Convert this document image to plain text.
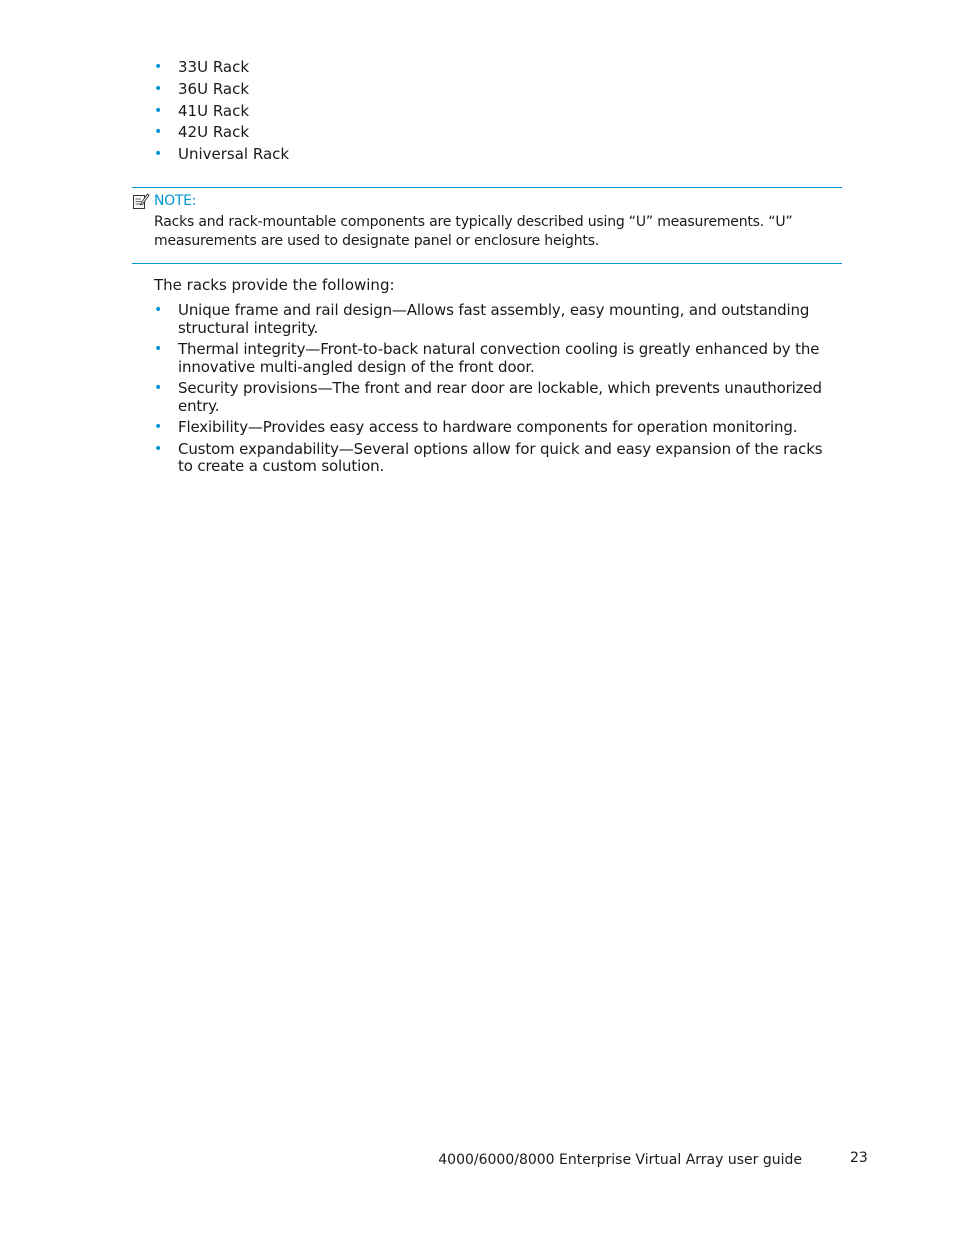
• 33U Rack
• 36U Rack
• 41U Rack
• 42U Rack
• Universal Rack
NOTE:
Racks and rack-mountable components are typically described using “U” measurements. “U” measurements are used to designate panel or enclosure heights.
The racks provide the following:
• Unique frame and rail design—Allows fast assembly, easy mounting, and outstanding structural integrity.
• Thermal integrity—Front-to-back natural convection cooling is greatly enhanced by the innovative multi-angled design of the front door.
• Security provisions—The front and rear door are lockable, which prevents unauthorized entry.
• Flexibility—Provides easy access to hardware components for operation monitoring.
• Custom expandability—Several options allow for quick and easy expansion of the racks to create a custom solution.
4000/6000/8000 Enterprise Virtual Array user guide	23
